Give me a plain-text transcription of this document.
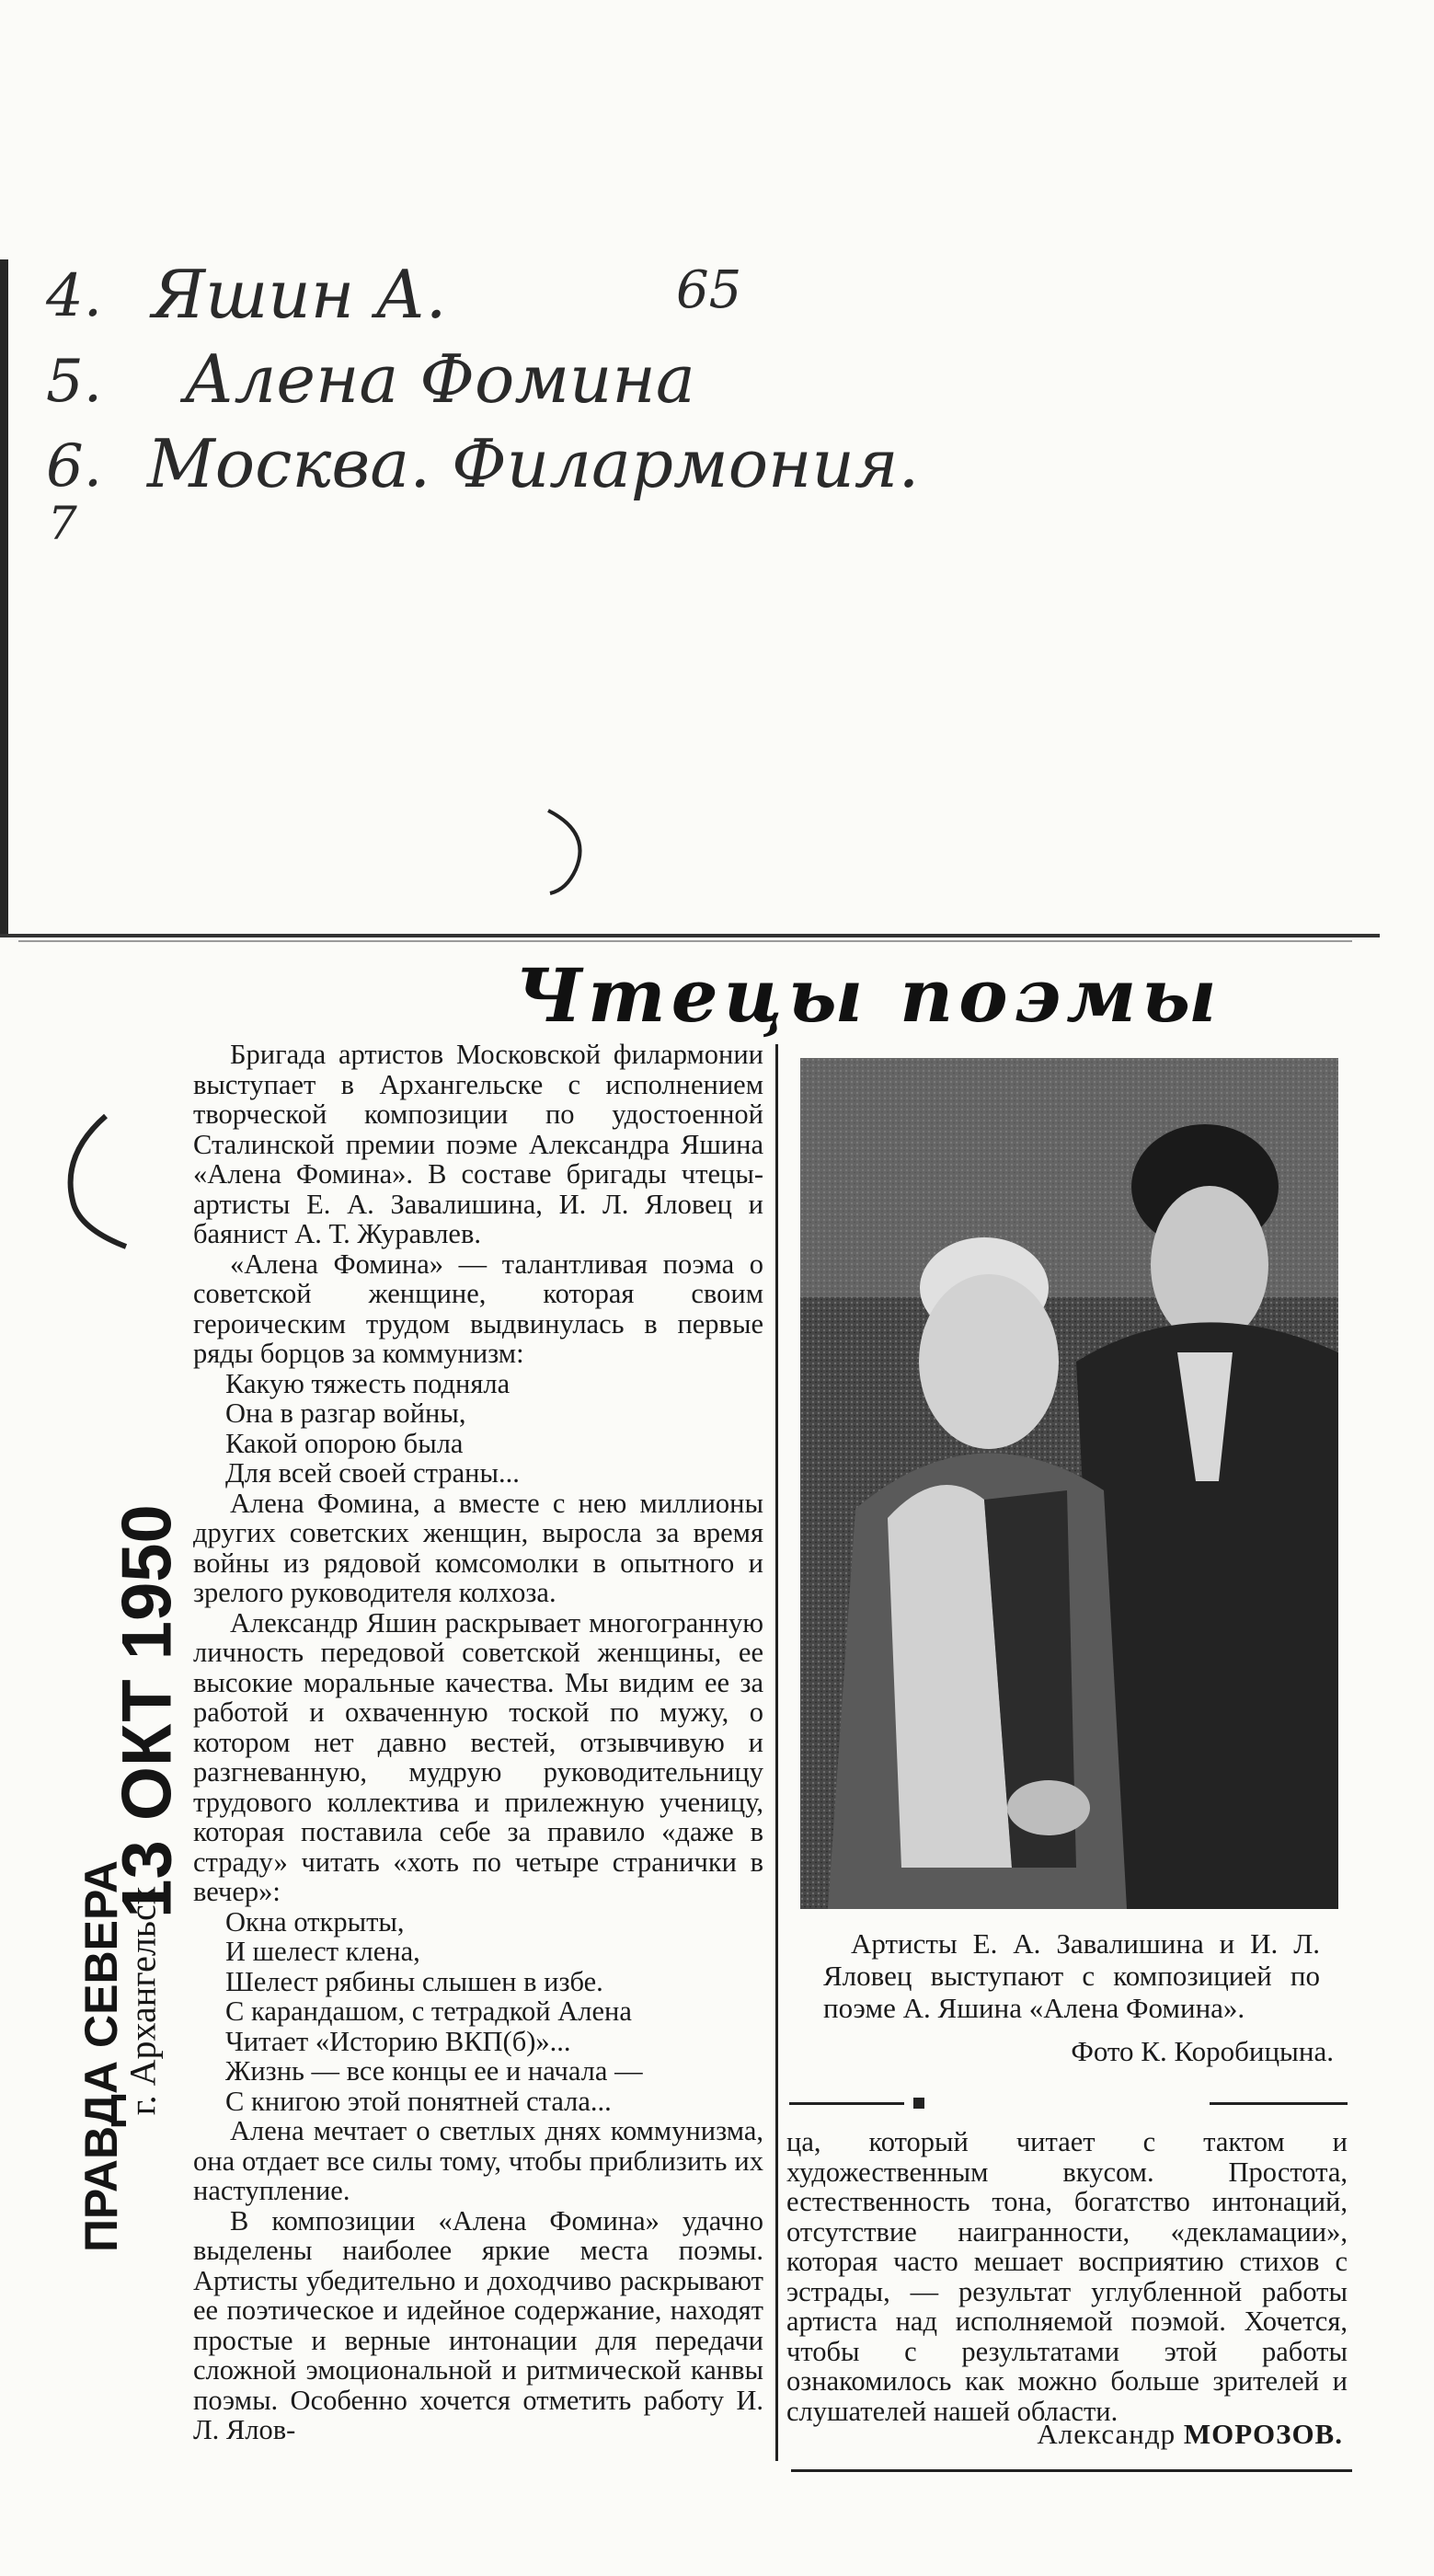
4. Яшин А.	65
5. Алена Фомина
6. Москва. Филармония.
7
Чтецы поэмы

Бригада артистов Московской филармонии выступает в Архангельске с исполнением творческой композиции по удостоенной Сталинской премии поэме Александра Яшина «Алена Фомина». В составе бригады чтецы-артисты Е. А. Завалишина, И. Л. Яловец и баянист А. Т. Журавлев.

«Алена Фомина» — талантливая поэма о советской женщине, которая своим героическим трудом выдвинулась в первые ряды борцов за коммунизм:

Какую тяжесть подняла
Она в разгар войны,
Какой опорою была
Для всей своей страны...

Алена Фомина, а вместе с нею миллионы других советских женщин, выросла за время войны из рядовой комсомолки в опытного и зрелого руководителя колхоза.

Александр Яшин раскрывает многогранную личность передовой советской женщины, ее высокие моральные качества. Мы видим ее за работой и охваченную тоской по мужу, о котором нет давно вестей, отзывчивую и разгневанную, мудрую руководительницу трудового коллектива и прилежную ученицу, которая поставила себе за правило «даже в страду» читать «хоть по четыре странички в вечер»:

Окна открыты,
И шелест клена,
Шелест рябины слышен в избе.
С карандашом, с тетрадкой Алена
Читает «Историю ВКП(б)»...
Жизнь — все концы ее и начала —
С книгою этой понятней стала...

Алена мечтает о светлых днях коммунизма, она отдает все силы тому, чтобы приблизить их наступление.

В композиции «Алена Фомина» удачно выделены наиболее яркие места поэмы. Артисты убедительно и доходчиво раскрывают ее поэтическое и идейное содержание, находят простые и верные интонации для передачи сложной эмоциональной и ритмической канвы поэмы. Особенно хочется отметить работу И. Л. Ялов-

Артисты Е. А. Завалишина и И. Л. Яловец выступают с композицией по поэме А. Яшина «Алена Фомина».

Фото К. Коробицына.

ца, который читает с тактом и художественным вкусом. Простота, естественность тона, богатство интонаций, отсутствие наигранности, «декламации», которая часто мешает восприятию стихов с эстрады, — результат углубленной работы артиста над исполняемой поэмой. Хочется, чтобы с результатами этой работы ознакомилось как можно больше зрителей и слушателей нашей области.

Александр МОРОЗОВ.
13 ОКТ 1950
ПРАВДА СЕВЕРА
г. Архангельск
